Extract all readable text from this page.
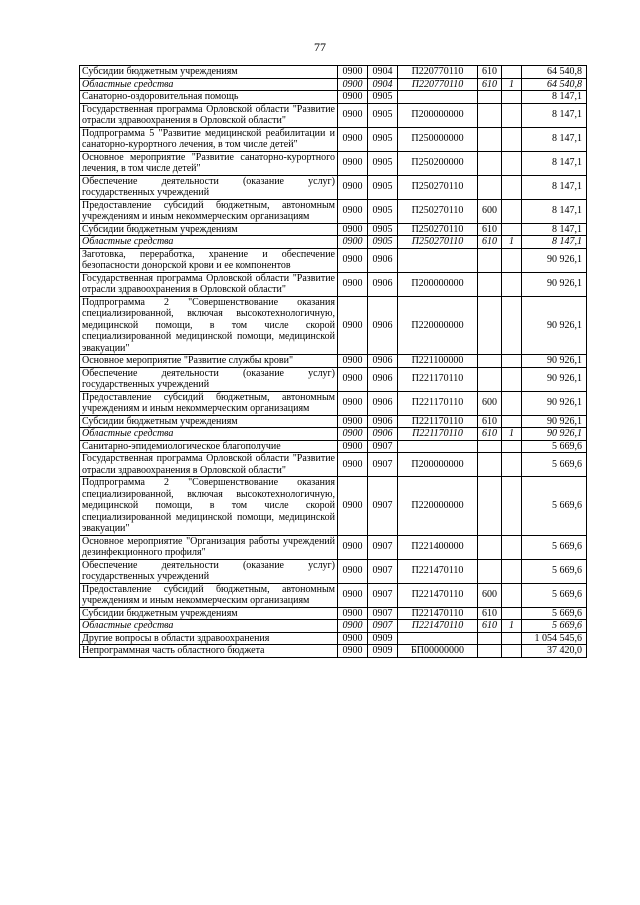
77
Субсидии бюджетным учреждениям	0900	0904	П220770110	610		64 540,8
Областные средства	0900	0904	П220770110	610	1	64 540,8
Санаторно-оздоровительная помощь	0900	0905				8 147,1
Государственная программа Орловской области "Развитие отрасли здравоохранения в Орловской области"	0900	0905	П200000000			8 147,1
Подпрограмма 5 "Развитие медицинской реабилитации и санаторно-курортного лечения, в том числе детей"	0900	0905	П250000000			8 147,1
Основное мероприятие "Развитие санаторно-курортного лечения, в том числе детей"	0900	0905	П250200000			8 147,1
Обеспечение деятельности (оказание услуг) государственных учреждений	0900	0905	П250270110			8 147,1
Предоставление субсидий бюджетным, автономным учреждениям и иным некоммерческим организациям	0900	0905	П250270110	600		8 147,1
Субсидии бюджетным учреждениям	0900	0905	П250270110	610		8 147,1
Областные средства	0900	0905	П250270110	610	1	8 147,1
Заготовка, переработка, хранение и обеспечение безопасности донорской крови и ее компонентов	0900	0906				90 926,1
Государственная программа Орловской области "Развитие отрасли здравоохранения в Орловской области"	0900	0906	П200000000			90 926,1
Подпрограмма 2 "Совершенствование оказания специализированной, включая высокотехнологичную, медицинской помощи, в том числе скорой специализированной медицинской помощи, медицинской эвакуации"	0900	0906	П220000000			90 926,1
Основное мероприятие "Развитие службы крови"	0900	0906	П221100000			90 926,1
Обеспечение деятельности (оказание услуг) государственных учреждений	0900	0906	П221170110			90 926,1
Предоставление субсидий бюджетным, автономным учреждениям и иным некоммерческим организациям	0900	0906	П221170110	600		90 926,1
Субсидии бюджетным учреждениям	0900	0906	П221170110	610		90 926,1
Областные средства	0900	0906	П221170110	610	1	90 926,1
Санитарно-эпидемиологическое благополучие	0900	0907				5 669,6
Государственная программа Орловской области "Развитие отрасли здравоохранения в Орловской области"	0900	0907	П200000000			5 669,6
Подпрограмма 2 "Совершенствование оказания специализированной, включая высокотехнологичную, медицинской помощи, в том числе скорой специализированной медицинской помощи, медицинской эвакуации"	0900	0907	П220000000			5 669,6
Основное мероприятие "Организация работы учреждений дезинфекционного профиля"	0900	0907	П221400000			5 669,6
Обеспечение деятельности (оказание услуг) государственных учреждений	0900	0907	П221470110			5 669,6
Предоставление субсидий бюджетным, автономным учреждениям и иным некоммерческим организациям	0900	0907	П221470110	600		5 669,6
Субсидии бюджетным учреждениям	0900	0907	П221470110	610		5 669,6
Областные средства	0900	0907	П221470110	610	1	5 669,6
Другие вопросы в области здравоохранения	0900	0909				1 054 545,6
Непрограммная часть областного бюджета	0900	0909	БП00000000			37 420,0
